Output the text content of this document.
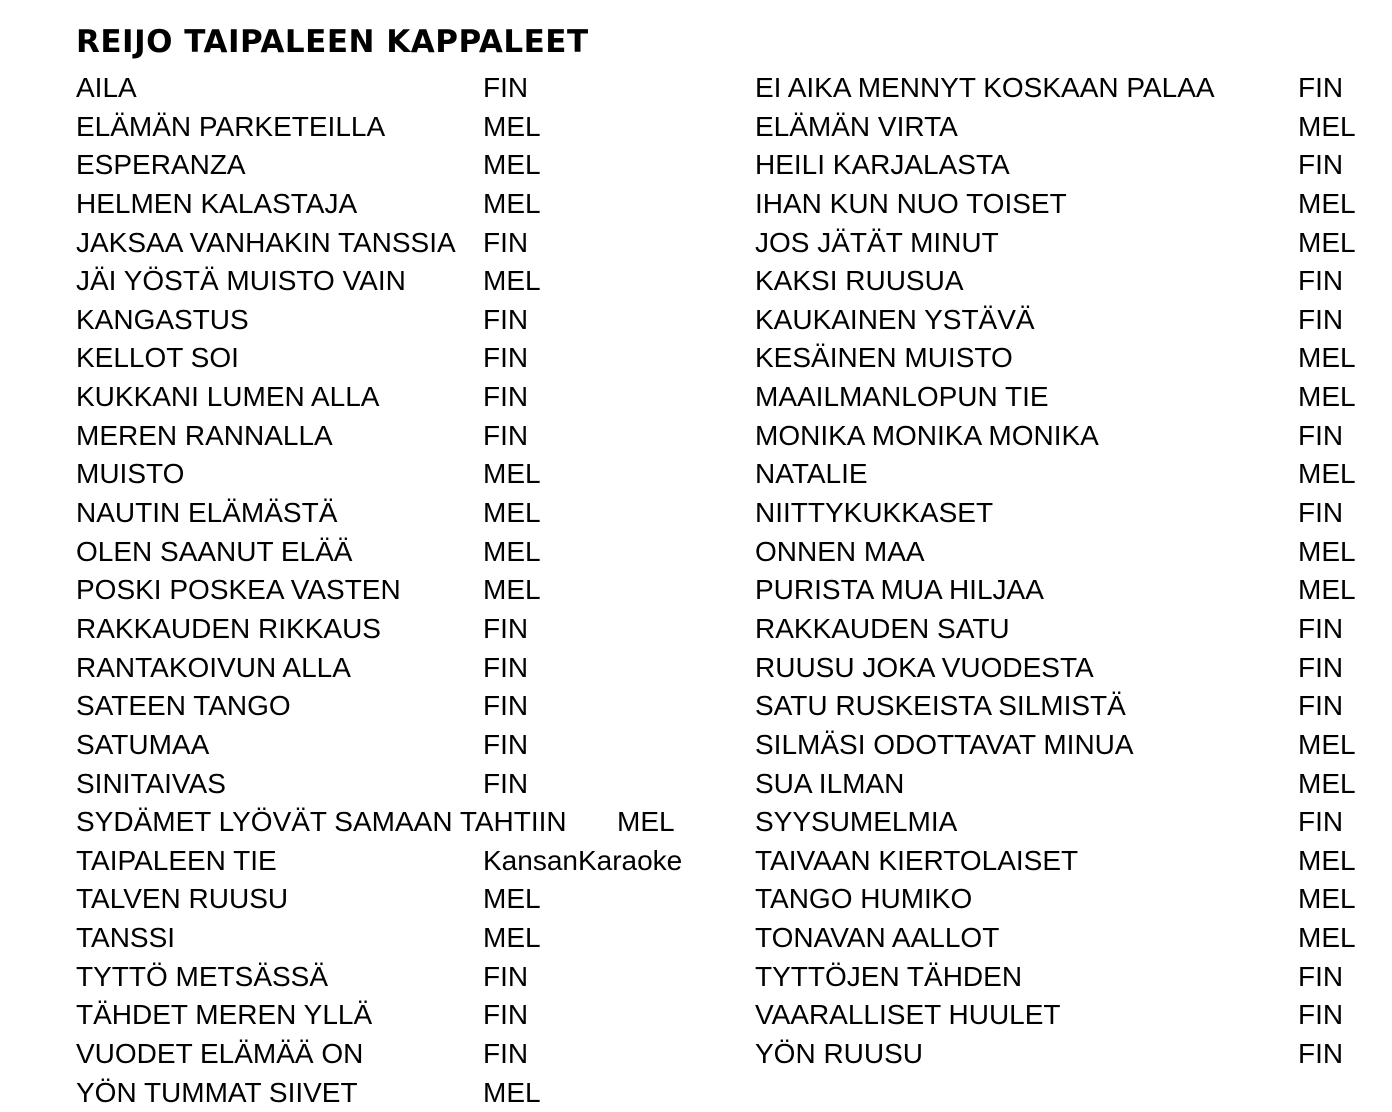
REIJO TAIPALEEN KAPPALEET
AILA	FIN
ELÄMÄN PARKETEILLA	MEL
ESPERANZA	MEL
HELMEN KALASTAJA	MEL
JAKSAA VANHAKIN TANSSIA FIN
JÄI YÖSTÄ MUISTO VAIN	MEL
KANGASTUS	FIN
KELLOT SOI	FIN
KUKKANI LUMEN ALLA	FIN
MEREN RANNALLA	FIN
MUISTO	MEL
NAUTIN ELÄMÄSTÄ	MEL
OLEN SAANUT ELÄÄ	MEL
POSKI POSKEA VASTEN	MEL
RAKKAUDEN RIKKAUS	FIN
RANTAKOIVUN ALLA	FIN
SATEEN TANGO	FIN
SATUMAA	FIN
SINITAIVAS	FIN
SYDÄMET LYÖVÄT SAMAAN TAHTIIN MEL
TAIPALEEN TIE	KansanKaraoke
TALVEN RUUSU	MEL
TANSSI	MEL
TYTTÖ METSÄSSÄ	FIN
TÄHDET MEREN YLLÄ	FIN
VUODET ELÄMÄÄ ON	FIN
YÖN TUMMAT SIIVET	MEL
EI AIKA MENNYT KOSKAAN PALAA	FIN
ELÄMÄN VIRTA	MEL
HEILI KARJALASTA	FIN
IHAN KUN NUO TOISET	MEL
JOS JÄTÄT MINUT	MEL
KAKSI RUUSUA	FIN
KAUKAINEN YSTÄVÄ	FIN
KESÄINEN MUISTO	MEL
MAAILMANLOPUN TIE	MEL
MONIKA MONIKA MONIKA	FIN
NATALIE	MEL
NIITTYKUKKASET	FIN
ONNEN MAA	MEL
PURISTA MUA HILJAA	MEL
RAKKAUDEN SATU	FIN
RUUSU JOKA VUODESTA	FIN
SATU RUSKEISTA SILMISTÄ	FIN
SILMÄSI ODOTTAVAT MINUA	MEL
SUA ILMAN	MEL
SYYSUMELMIA	FIN
TAIVAAN KIERTOLAISET	MEL
TANGO HUMIKO	MEL
TONAVAN AALLOT	MEL
TYTTÖJEN TÄHDEN	FIN
VAARALLISET HUULET	FIN
YÖN RUUSU	FIN
